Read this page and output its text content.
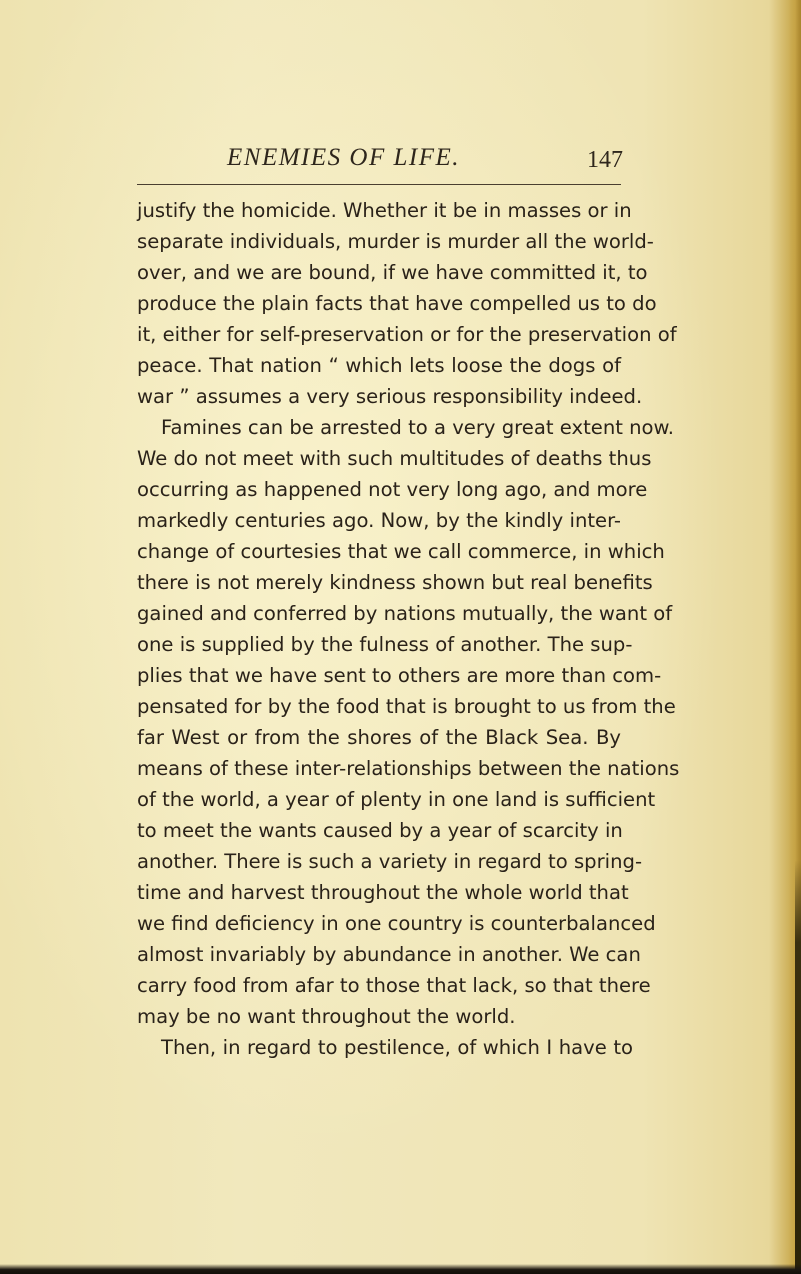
ENEMIES OF LIFE.	147
justify the homicide. Whether it be in masses or in
separate individuals, murder is murder all the world-
over, and we are bound, if we have committed it, to
produce the plain facts that have compelled us to do
it, either for self-preservation or for the preservation of
peace. That nation “ which lets loose the dogs of
war ” assumes a very serious responsibility indeed.
Famines can be arrested to a very great extent now.
We do not meet with such multitudes of deaths thus
occurring as happened not very long ago, and more
markedly centuries ago. Now, by the kindly inter-
change of courtesies that we call commerce, in which
there is not merely kindness shown but real benefits
gained and conferred by nations mutually, the want of
one is supplied by the fulness of another. The sup-
plies that we have sent to others are more than com-
pensated for by the food that is brought to us from the
far West or from the shores of the Black Sea. By
means of these inter-relationships between the nations
of the world, a year of plenty in one land is sufficient
to meet the wants caused by a year of scarcity in
another. There is such a variety in regard to spring-
time and harvest throughout the whole world that
we find deficiency in one country is counterbalanced
almost invariably by abundance in another. We can
carry food from afar to those that lack, so that there
may be no want throughout the world.
Then, in regard to pestilence, of which I have to
